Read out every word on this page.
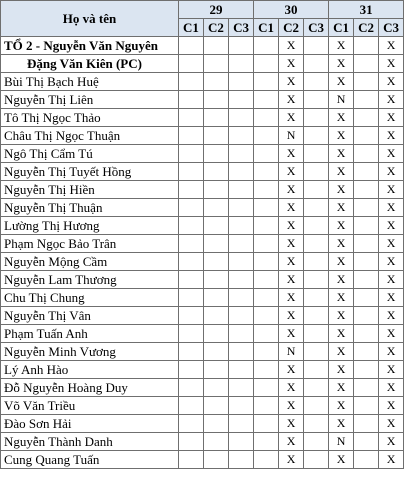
Họ và tên	29			30			31		
	C1	C2	C3	C1	C2	C3	C1	C2	C3
TỔ 2 - Nguyễn Văn Nguyên					X		X		X
Đặng Văn Kiên (PC)					X		X		X
Bùi Thị Bạch Huệ					X		X		X
Nguyễn Thị Liên					X		N		X
Tô Thị Ngọc Thảo					X		X		X
Châu Thị Ngọc Thuận					N		X		X
Ngô Thị Cẩm Tú					X		X		X
Nguyễn Thị Tuyết Hồng					X		X		X
Nguyễn Thị Hiền					X		X		X
Nguyễn Thị Thuận					X		X		X
Lường Thị Hương					X		X		X
Phạm Ngọc Bảo Trân					X		X		X
Nguyễn Mộng Cầm					X		X		X
Nguyễn Lam Thương					X		X		X
Chu Thị Chung					X		X		X
Nguyễn Thị Vân					X		X		X
Phạm Tuấn Anh					X		X		X
Nguyễn Minh Vương					N		X		X
Lý Anh Hào					X		X		X
Đỗ Nguyễn Hoàng Duy					X		X		X
Võ Văn Triều					X		X		X
Đào Sơn Hải					X		X		X
Nguyễn Thành Danh					X		N		X
Cung Quang Tuấn					X		X		X
